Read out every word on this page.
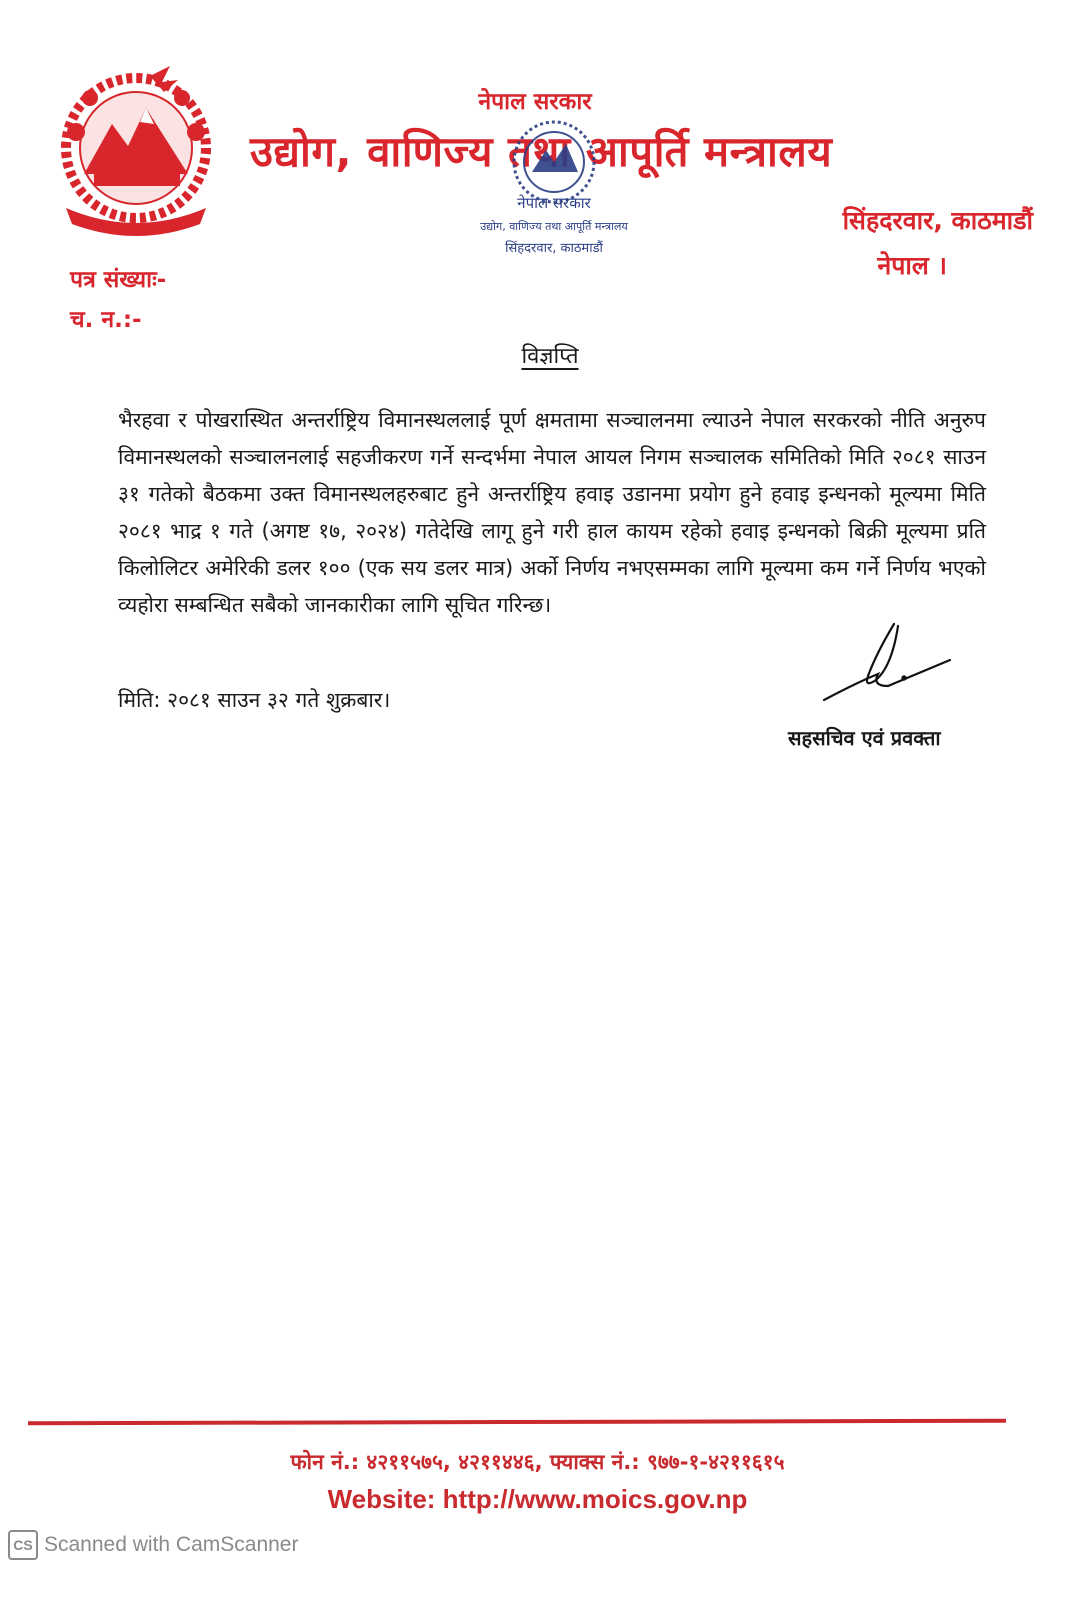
नेपाल सरकार
उद्योग, वाणिज्य तथा आपूर्ति मन्त्रालय
नेपाल सरकार
उद्योग, वाणिज्य तथा आपूर्ति मन्त्रालय
सिंहदरवार, काठमाडौं
सिंहदरवार, काठमाडौं
नेपाल ।
पत्र संख्याः-
च. न.:-
विज्ञप्ति
भैरहवा र पोखरास्थित अन्तर्राष्ट्रिय विमानस्थललाई पूर्ण क्षमतामा सञ्चालनमा ल्याउने नेपाल सरकरको नीति अनुरुप विमानस्थलको सञ्चालनलाई सहजीकरण गर्ने सन्दर्भमा नेपाल आयल निगम सञ्चालक समितिको मिति २०८१ साउन ३१ गतेको बैठकमा उक्त विमानस्थलहरुबाट हुने अन्तर्राष्ट्रिय हवाइ उडानमा प्रयोग हुने हवाइ इन्धनको मूल्यमा मिति २०८१ भाद्र १ गते (अगष्ट १७, २०२४) गतेदेखि लागू हुने गरी हाल कायम रहेको हवाइ इन्धनको बिक्री मूल्यमा प्रति किलोलिटर अमेरिकी डलर १०० (एक सय डलर मात्र) अर्को निर्णय नभएसम्मका लागि मूल्यमा कम गर्ने निर्णय भएको व्यहोरा सम्बन्धित सबैको जानकारीका लागि सूचित गरिन्छ।
मिति: २०८१ साउन ३२ गते शुक्रबार।
सहसचिव एवं प्रवक्ता
फोन नं.: ४२११५७५, ४२११४४६, फ्याक्स नं.: ९७७-१-४२११६१५
Website: http://www.moics.gov.np
CS Scanned with CamScanner
